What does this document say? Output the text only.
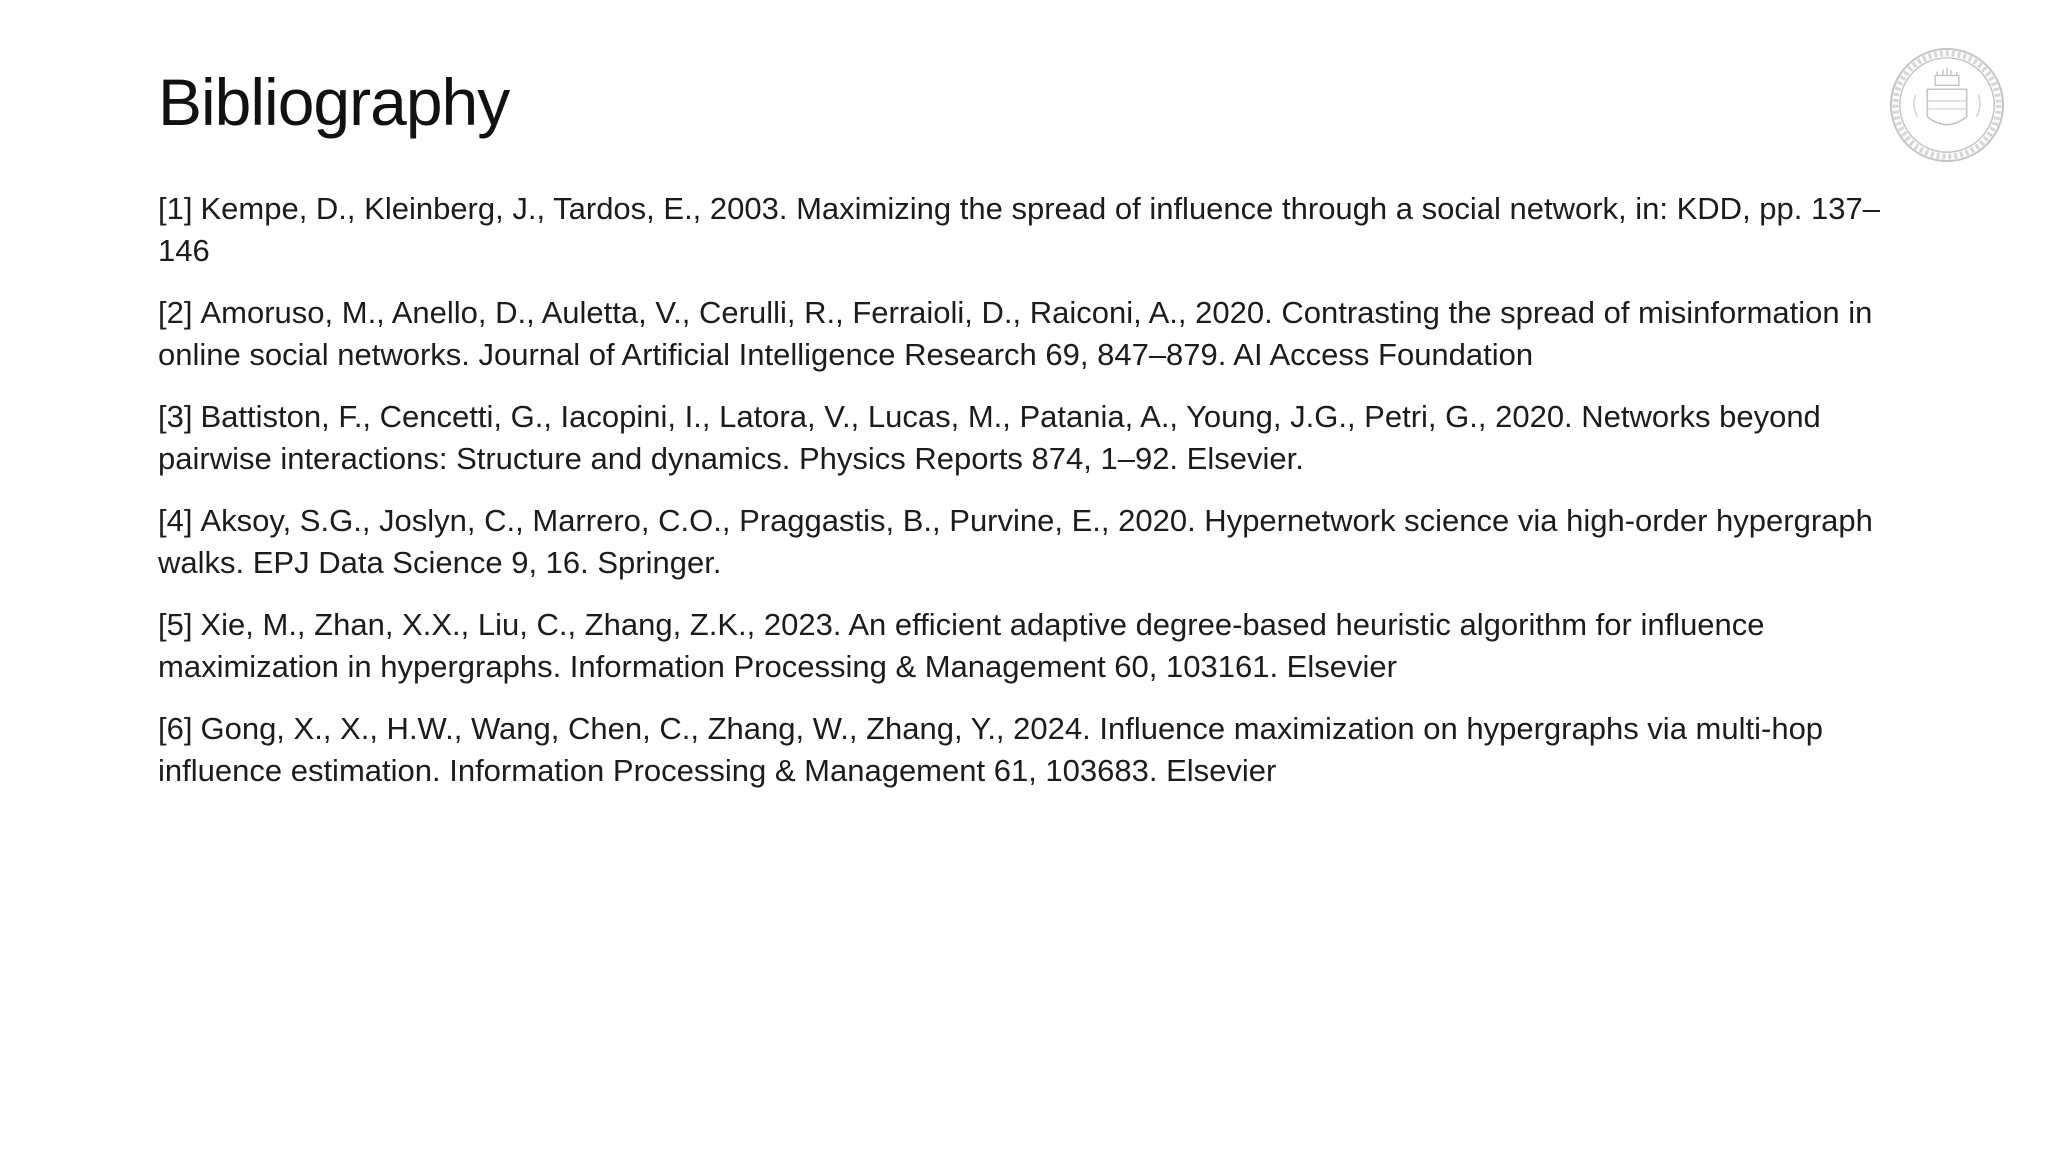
Bibliography
[1] Kempe, D., Kleinberg, J., Tardos, E., 2003. Maximizing the spread of influence through a social network, in: KDD, pp. 137–146
[2] Amoruso, M., Anello, D., Auletta, V., Cerulli, R., Ferraioli, D., Raiconi, A., 2020. Contrasting the spread of misinformation in online social networks. Journal of Artificial Intelligence Research 69, 847–879. AI Access Foundation
[3] Battiston, F., Cencetti, G., Iacopini, I., Latora, V., Lucas, M., Patania, A., Young, J.G., Petri, G., 2020. Networks beyond pairwise interactions: Structure and dynamics. Physics Reports 874, 1–92. Elsevier.
[4] Aksoy, S.G., Joslyn, C., Marrero, C.O., Praggastis, B., Purvine, E., 2020. Hypernetwork science via high-order hypergraph walks. EPJ Data Science 9, 16. Springer.
[5] Xie, M., Zhan, X.X., Liu, C., Zhang, Z.K., 2023. An efficient adaptive degree-based heuristic algorithm for influence maximization in hypergraphs. Information Processing & Management 60, 103161. Elsevier
[6] Gong, X., X., H.W., Wang, Chen, C., Zhang, W., Zhang, Y., 2024. Influence maximization on hypergraphs via multi-hop influence estimation. Information Processing & Management 61, 103683. Elsevier
